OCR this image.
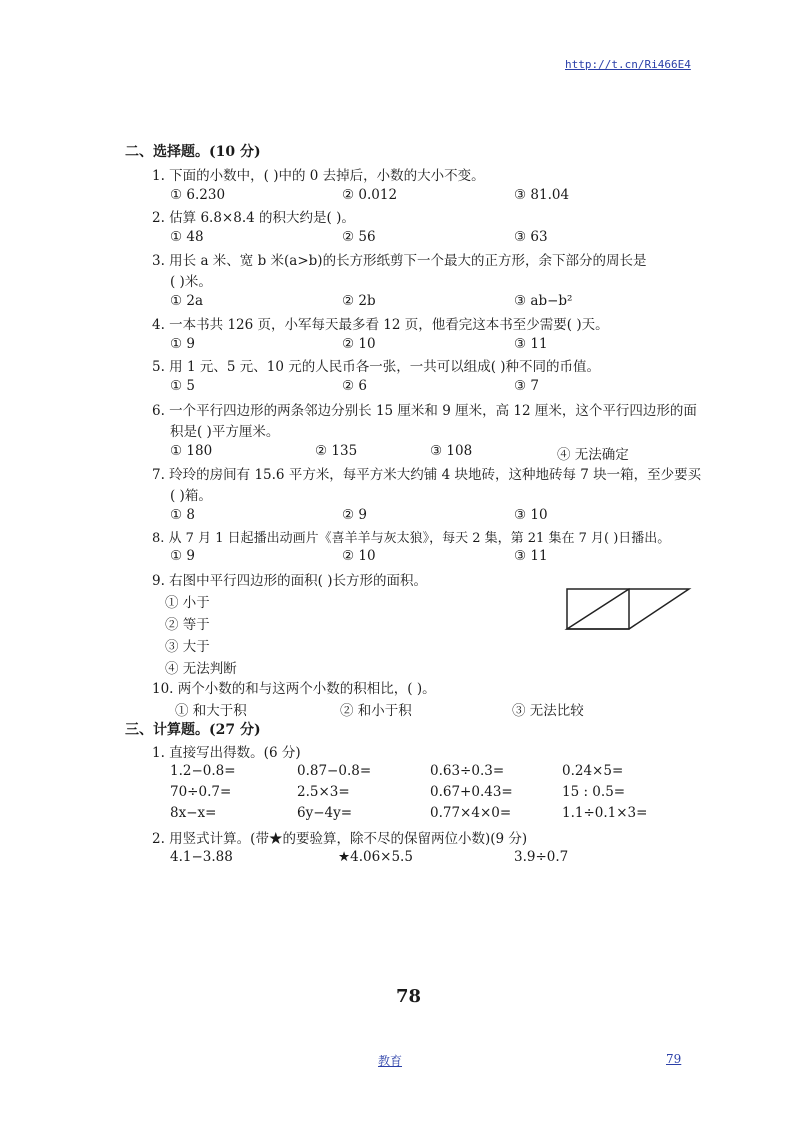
http://t.cn/Ri466E4
二、选择题。(10 分)
1. 下面的小数中，( )中的 0 去掉后，小数的大小不变。
① 6.230	② 0.012	③ 81.04
2. 估算 6.8×8.4 的积大约是( )。
① 48	② 56	③ 63
3. 用长 a 米、宽 b 米(a>b)的长方形纸剪下一个最大的正方形，余下部分的周长是
( )米。
① 2a	② 2b	③ ab−b²
4. 一本书共 126 页，小军每天最多看 12 页，他看完这本书至少需要( )天。
① 9	② 10	③ 11
5. 用 1 元、5 元、10 元的人民币各一张，一共可以组成( )种不同的币值。
① 5	② 6	③ 7
6. 一个平行四边形的两条邻边分别长 15 厘米和 9 厘米，高 12 厘米，这个平行四边形的面
积是( )平方厘米。
① 180	② 135	③ 108	④ 无法确定
7. 玲玲的房间有 15.6 平方米，每平方米大约铺 4 块地砖，这种地砖每 7 块一箱，至少要买
( )箱。
① 8	② 9	③ 10
8. 从 7 月 1 日起播出动画片《喜羊羊与灰太狼》，每天 2 集，第 21 集在 7 月( )日播出。
① 9	② 10	③ 11
9. 右图中平行四边形的面积( )长方形的面积。
① 小于
② 等于
③ 大于
④ 无法判断
10. 两个小数的和与这两个小数的积相比，( )。
① 和大于积	② 和小于积	③ 无法比较
三、计算题。(27 分)
1. 直接写出得数。(6 分)
1.2−0.8=	0.87−0.8=	0.63÷0.3=	0.24×5=
70÷0.7=	2.5×3=	0.67+0.43=	15 : 0.5=
8x−x=	6y−4y=	0.77×4×0=	1.1÷0.1×3=
2. 用竖式计算。(带★的要验算，除不尽的保留两位小数)(9 分)
4.1−3.88	★4.06×5.5	3.9÷0.7
78
教育	79
